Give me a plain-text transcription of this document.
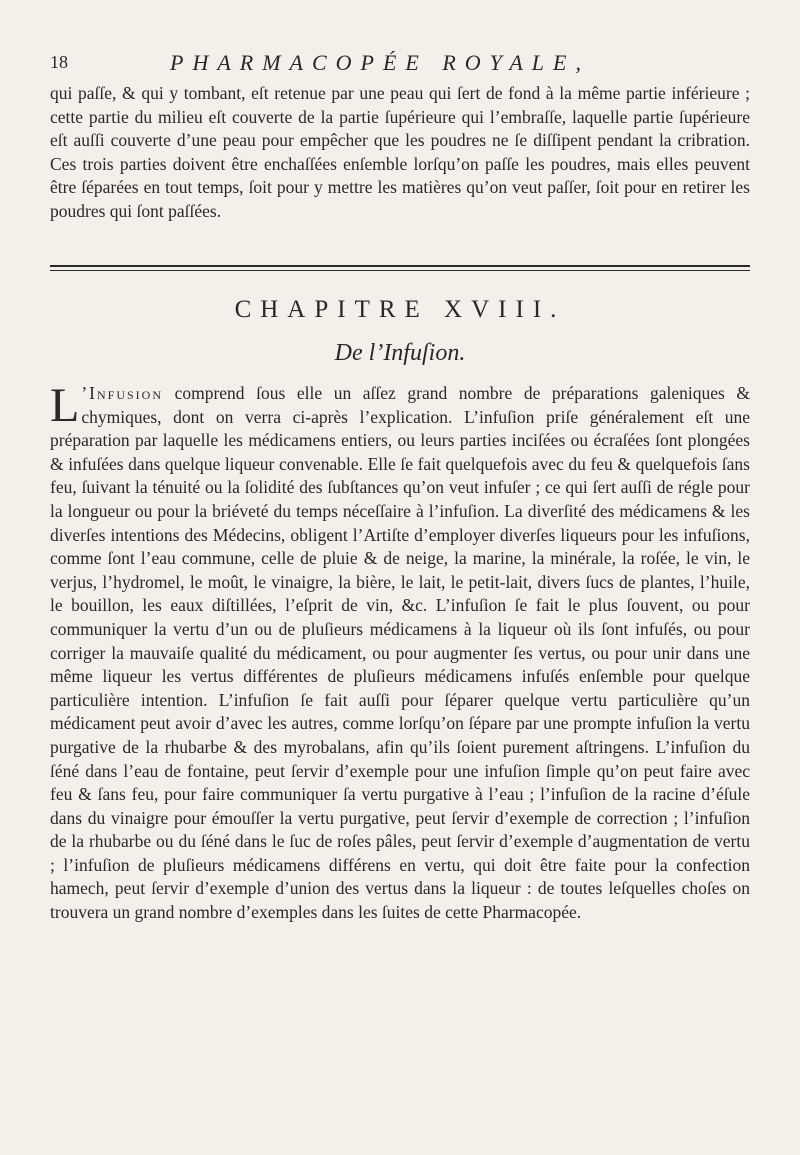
18	PHARMACOPÉE ROYALE,
qui paſſe, & qui y tombant, eſt retenue par une peau qui ſert de fond à la même partie inférieure ; cette partie du milieu eſt couverte de la partie ſupérieure qui l’embraſſe, laquelle partie ſupérieure eſt auſſi couverte d’une peau pour empêcher que les poudres ne ſe diſſipent pendant la cribration. Ces trois parties doivent être enchaſſées enſemble lorſqu’on paſſe les poudres, mais elles peuvent être ſéparées en tout temps, ſoit pour y mettre les matières qu’on veut paſſer, ſoit pour en retirer les poudres qui ſont paſſées.
CHAPITRE XVIII.
De l’Infuſion.
L ’Infusion comprend ſous elle un aſſez grand nombre de préparations galeniques & chymiques, dont on verra ci-après l’explication. L’infuſion priſe généralement eſt une préparation par laquelle les médicamens entiers, ou leurs parties inciſées ou écraſées ſont plongées & infuſées dans quelque liqueur convenable. Elle ſe fait quelquefois avec du feu & quelquefois ſans feu, ſuivant la ténuité ou la ſolidité des ſubſtances qu’on veut infuſer ; ce qui ſert auſſi de régle pour la longueur ou pour la briéveté du temps néceſſaire à l’infuſion. La diverſité des médicamens & les diverſes intentions des Médecins, obligent l’Artiſte d’employer diverſes liqueurs pour les infuſions, comme ſont l’eau commune, celle de pluie & de neige, la marine, la minérale, la roſée, le vin, le verjus, l’hydromel, le moût, le vinaigre, la bière, le lait, le petit-lait, divers ſucs de plantes, l’huile, le bouillon, les eaux diſtillées, l’eſprit de vin, &c. L’infuſion ſe fait le plus ſouvent, ou pour communiquer la vertu d’un ou de pluſieurs médicamens à la liqueur où ils ſont infuſés, ou pour corriger la mauvaiſe qualité du médicament, ou pour augmenter ſes vertus, ou pour unir dans une même liqueur les vertus différentes de pluſieurs médicamens infuſés enſemble pour quelque particulière intention. L’infuſion ſe fait auſſi pour ſéparer quelque vertu particulière qu’un médicament peut avoir d’avec les autres, comme lorſqu’on ſépare par une prompte infuſion la vertu purgative de la rhubarbe & des myrobalans, afin qu’ils ſoient purement aſtringens. L’infuſion du ſéné dans l’eau de fontaine, peut ſervir d’exemple pour une infuſion ſimple qu’on peut faire avec feu & ſans feu, pour faire communiquer ſa vertu purgative à l’eau ; l’infuſion de la racine d’éſule dans du vinaigre pour émouſſer la vertu purgative, peut ſervir d’exemple de correction ; l’infuſion de la rhubarbe ou du ſéné dans le ſuc de roſes pâles, peut ſervir d’exemple d’augmentation de vertu ; l’infuſion de pluſieurs médicamens différens en vertu, qui doit être faite pour la confection hamech, peut ſervir d’exemple d’union des vertus dans la liqueur : de toutes leſquelles choſes on trouvera un grand nombre d’exemples dans les ſuites de cette Pharmacopée.
